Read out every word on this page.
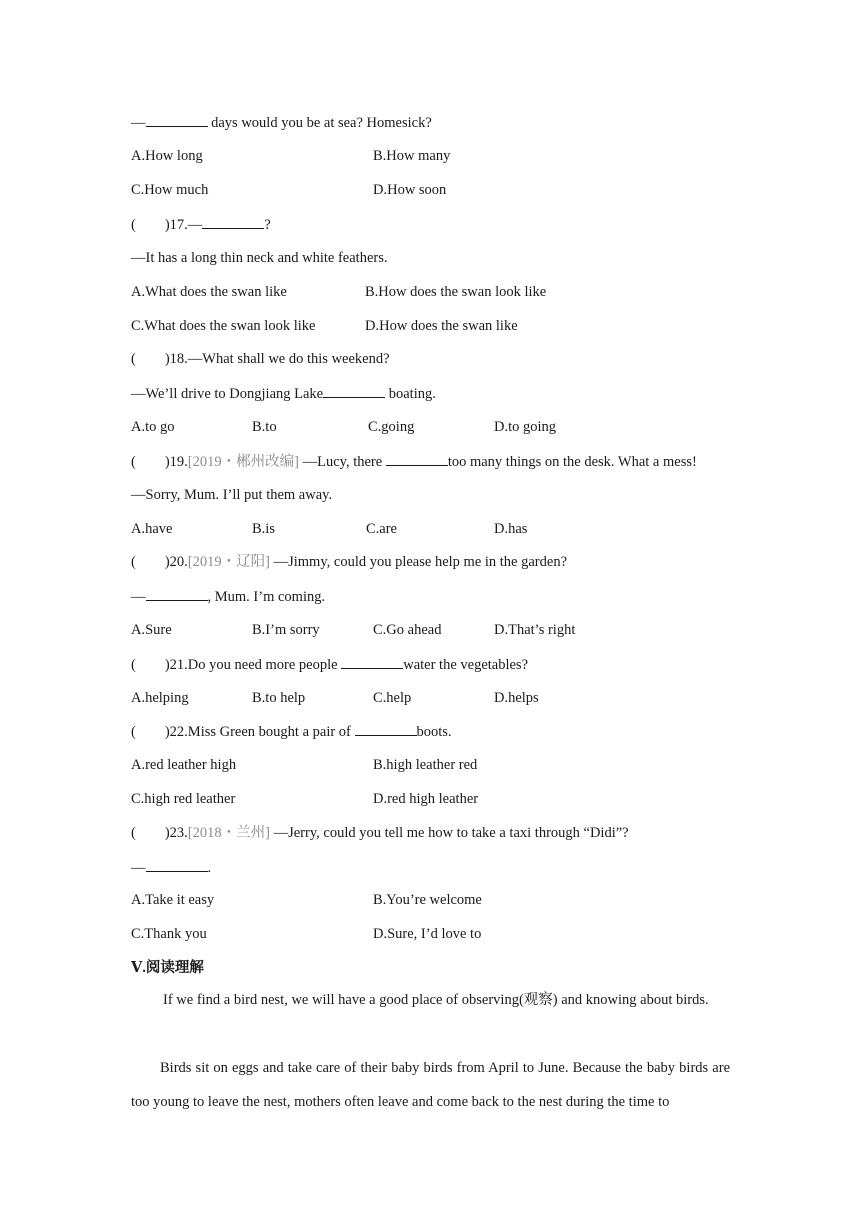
—	days would you be at sea? Homesick?
A.How long	B.How many
C.How much	D.How soon
(        )17.—	?
—It has a long thin neck and white feathers.
A.What does the swan like	B.How does the swan look like
C.What does the swan look like	D.How does the swan like
(        )18.—What shall we do this weekend?
—We’ll drive to Dongjiang Lake	boating.
A.to go	B.to	C.going	D.to going
(        )19.[2019・郴州改编] —Lucy, there	too many things on the desk. What a mess!
—Sorry, Mum. I’ll put them away.
A.have	B.is	C.are	D.has
(        )20.[2019・辽阳] —Jimmy, could you please help me in the garden?
—	, Mum. I’m coming.
A.Sure	B.I’m sorry	C.Go ahead	D.That’s right
(        )21.Do you need more people	water the vegetables?
A.helping	B.to help	C.help	D.helps
(        )22.Miss Green bought a pair of	boots.
A.red leather high	B.high leather red
C.high red leather	D.red high leather
(        )23.[2018・兰州] —Jerry, could you tell me how to take a taxi through “Didi”?
—	.
A.Take it easy	B.You’re welcome
C.Thank you	D.Sure, I’d love to
Ⅴ.阅读理解
If we find a bird nest, we will have a good place of observing(观察) and knowing about birds.
Birds sit on eggs and take care of their baby birds from April to June. Because the baby birds are too young to leave the nest, mothers often leave and come back to the nest during the time to
